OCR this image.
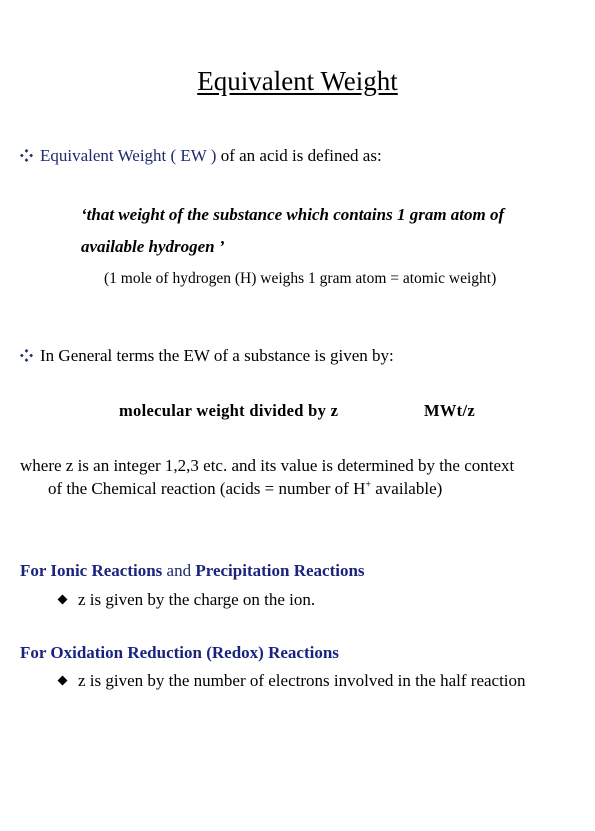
Equivalent Weight
Equivalent Weight ( EW ) of an acid is defined as:
‘that weight of the substance which contains 1 gram atom of
available hydrogen ’
(1 mole of hydrogen (H) weighs 1 gram atom = atomic weight)
In General terms the EW of a substance is given by:
molecular weight divided by z	MWt/z
where z is an integer 1,2,3 etc. and its value is determined by the context
of the Chemical reaction (acids = number of H+ available)
For Ionic Reactions and Precipitation Reactions
z is given by the charge on the ion.
For Oxidation Reduction (Redox) Reactions
z is given by the number of electrons involved in the half reaction
